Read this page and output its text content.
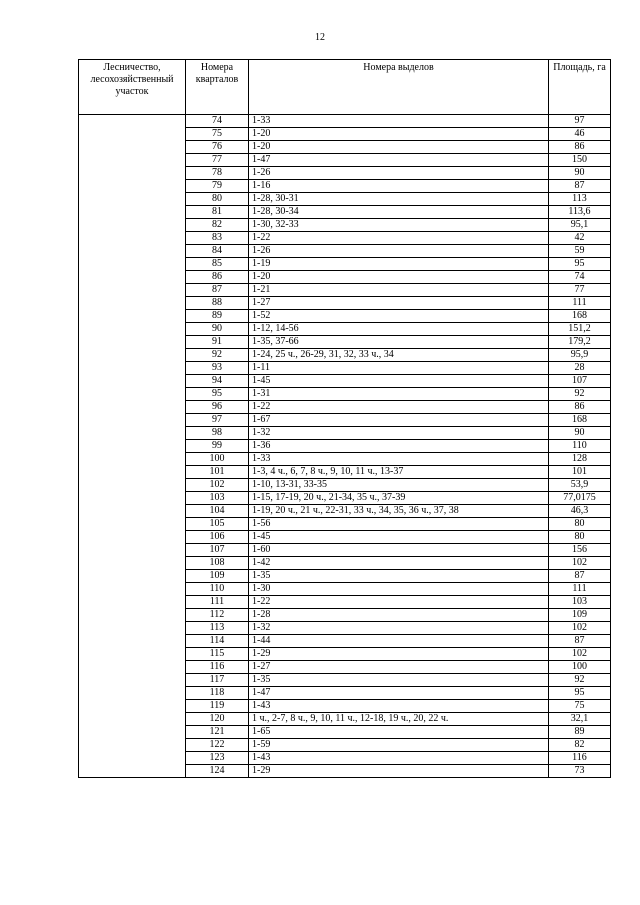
12
Лесничество, лесохозяйственный участок	Номера кварталов	Номера выделов	Площадь, га
	74	1-33	97
	75	1-20	46
	76	1-20	86
	77	1-47	150
	78	1-26	90
	79	1-16	87
	80	1-28, 30-31	113
	81	1-28, 30-34	113,6
	82	1-30, 32-33	95,1
	83	1-22	42
	84	1-26	59
	85	1-19	95
	86	1-20	74
	87	1-21	77
	88	1-27	111
	89	1-52	168
	90	1-12, 14-56	151,2
	91	1-35, 37-66	179,2
	92	1-24, 25 ч., 26-29, 31, 32, 33 ч., 34	95,9
	93	1-11	28
	94	1-45	107
	95	1-31	92
	96	1-22	86
	97	1-67	168
	98	1-32	90
	99	1-36	110
	100	1-33	128
	101	1-3, 4 ч., 6, 7, 8 ч., 9, 10, 11 ч., 13-37	101
	102	1-10, 13-31, 33-35	53,9
	103	1-15, 17-19, 20 ч., 21-34, 35 ч., 37-39	77,0175
	104	1-19, 20 ч., 21 ч., 22-31, 33 ч., 34, 35, 36 ч., 37, 38	46,3
	105	1-56	80
	106	1-45	80
	107	1-60	156
	108	1-42	102
	109	1-35	87
	110	1-30	111
	111	1-22	103
	112	1-28	109
	113	1-32	102
	114	1-44	87
	115	1-29	102
	116	1-27	100
	117	1-35	92
	118	1-47	95
	119	1-43	75
	120	1 ч., 2-7, 8 ч., 9, 10, 11 ч., 12-18, 19 ч., 20, 22 ч.	32,1
	121	1-65	89
	122	1-59	82
	123	1-43	116
	124	1-29	73
